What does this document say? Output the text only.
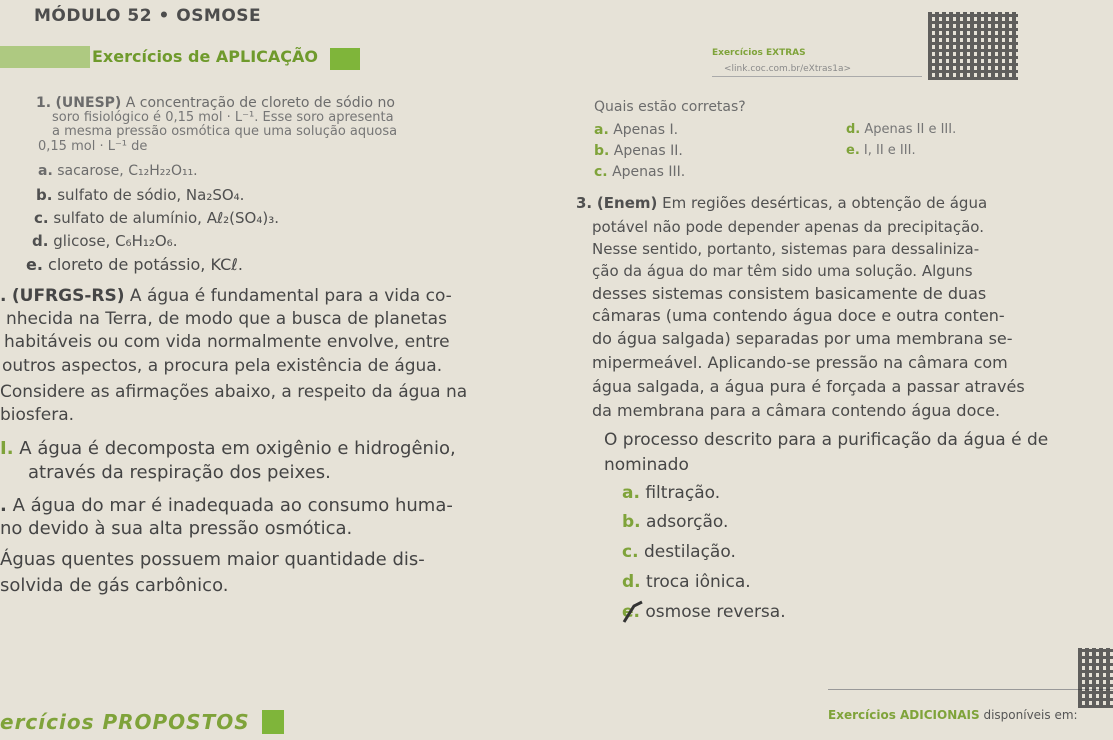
MÓDULO 52 • OSMOSE
Exercícios de APLICAÇÃO	Exercícios EXTRAS
<link.coc.com.br/eXtras1a>
1. (UNESP) A concentração de cloreto de sódio no
soro fisiológico é 0,15 mol · L⁻¹. Esse soro apresenta
a mesma pressão osmótica que uma solução aquosa
0,15 mol · L⁻¹ de
a. sacarose, C₁₂H₂₂O₁₁.
b. sulfato de sódio, Na₂SO₄.
c. sulfato de alumínio, Aℓ₂(SO₄)₃.
d. glicose, C₆H₁₂O₆.
e. cloreto de potássio, KCℓ.
. (UFRGS-RS) A água é fundamental para a vida co-
nhecida na Terra, de modo que a busca de planetas
habitáveis ou com vida normalmente envolve, entre
outros aspectos, a procura pela existência de água.
Considere as afirmações abaixo, a respeito da água na
biosfera.
I. A água é decomposta em oxigênio e hidrogênio,
através da respiração dos peixes.
. A água do mar é inadequada ao consumo huma-
no devido à sua alta pressão osmótica.
Águas quentes possuem maior quantidade dis-
solvida de gás carbônico.
Quais estão corretas?
a. Apenas I.
b. Apenas II.
c. Apenas III.
d. Apenas II e III.
e. I, II e III.
3. (Enem) Em regiões desérticas, a obtenção de água
potável não pode depender apenas da precipitação.
Nesse sentido, portanto, sistemas para dessaliniza-
ção da água do mar têm sido uma solução. Alguns
desses sistemas consistem basicamente de duas
câmaras (uma contendo água doce e outra conten-
do água salgada) separadas por uma membrana se-
mipermeável. Aplicando-se pressão na câmara com
água salgada, a água pura é forçada a passar através
da membrana para a câmara contendo água doce.
O processo descrito para a purificação da água é de
nominado
a. filtração.
b. adsorção.
c. destilação.
d. troca iônica.
e. osmose reversa.
ercícios PROPOSTOS	Exercícios ADICIONAIS disponíveis em:
